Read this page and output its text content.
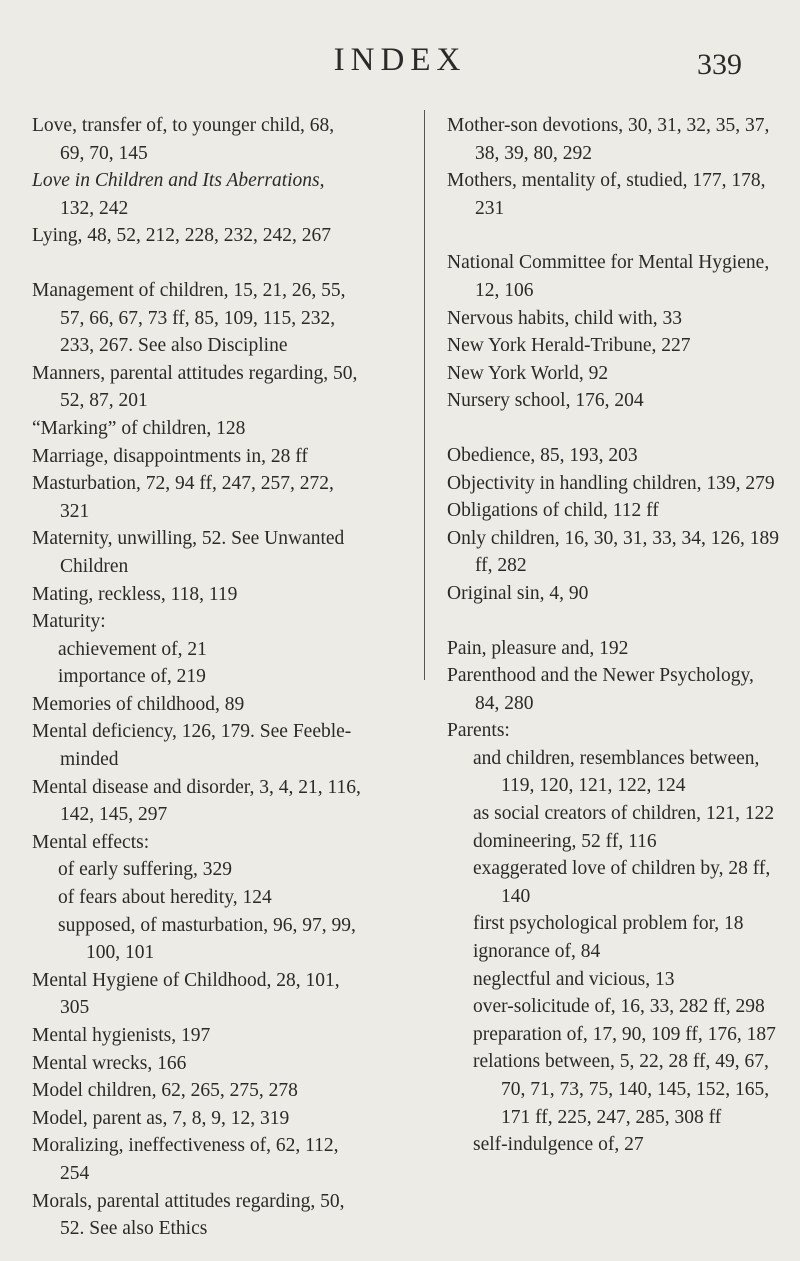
INDEX	339
Love, transfer of, to younger child, 68, 69, 70, 145
Love in Children and Its Aberrations, 132, 242
Lying, 48, 52, 212, 228, 232, 242, 267
Management of children, 15, 21, 26, 55, 57, 66, 67, 73 ff, 85, 109, 115, 232, 233, 267. See also Discipline
Manners, parental attitudes regarding, 50, 52, 87, 201
“Marking” of children, 128
Marriage, disappointments in, 28 ff
Masturbation, 72, 94 ff, 247, 257, 272, 321
Maternity, unwilling, 52. See Unwanted Children
Mating, reckless, 118, 119
Maturity:
achievement of, 21
importance of, 219
Memories of childhood, 89
Mental deficiency, 126, 179. See Feeble-minded
Mental disease and disorder, 3, 4, 21, 116, 142, 145, 297
Mental effects:
of early suffering, 329
of fears about heredity, 124
supposed, of masturbation, 96, 97, 99, 100, 101
Mental Hygiene of Childhood, 28, 101, 305
Mental hygienists, 197
Mental wrecks, 166
Model children, 62, 265, 275, 278
Model, parent as, 7, 8, 9, 12, 319
Moralizing, ineffectiveness of, 62, 112, 254
Morals, parental attitudes regarding, 50, 52. See also Ethics
Mother-son devotions, 30, 31, 32, 35, 37, 38, 39, 80, 292
Mothers, mentality of, studied, 177, 178, 231
National Committee for Mental Hygiene, 12, 106
Nervous habits, child with, 33
New York Herald-Tribune, 227
New York World, 92
Nursery school, 176, 204
Obedience, 85, 193, 203
Objectivity in handling children, 139, 279
Obligations of child, 112 ff
Only children, 16, 30, 31, 33, 34, 126, 189 ff, 282
Original sin, 4, 90
Pain, pleasure and, 192
Parenthood and the Newer Psychology, 84, 280
Parents:
and children, resemblances between, 119, 120, 121, 122, 124
as social creators of children, 121, 122
domineering, 52 ff, 116
exaggerated love of children by, 28 ff, 140
first psychological problem for, 18
ignorance of, 84
neglectful and vicious, 13
over-solicitude of, 16, 33, 282 ff, 298
preparation of, 17, 90, 109 ff, 176, 187
relations between, 5, 22, 28 ff, 49, 67, 70, 71, 73, 75, 140, 145, 152, 165, 171 ff, 225, 247, 285, 308 ff
self-indulgence of, 27
